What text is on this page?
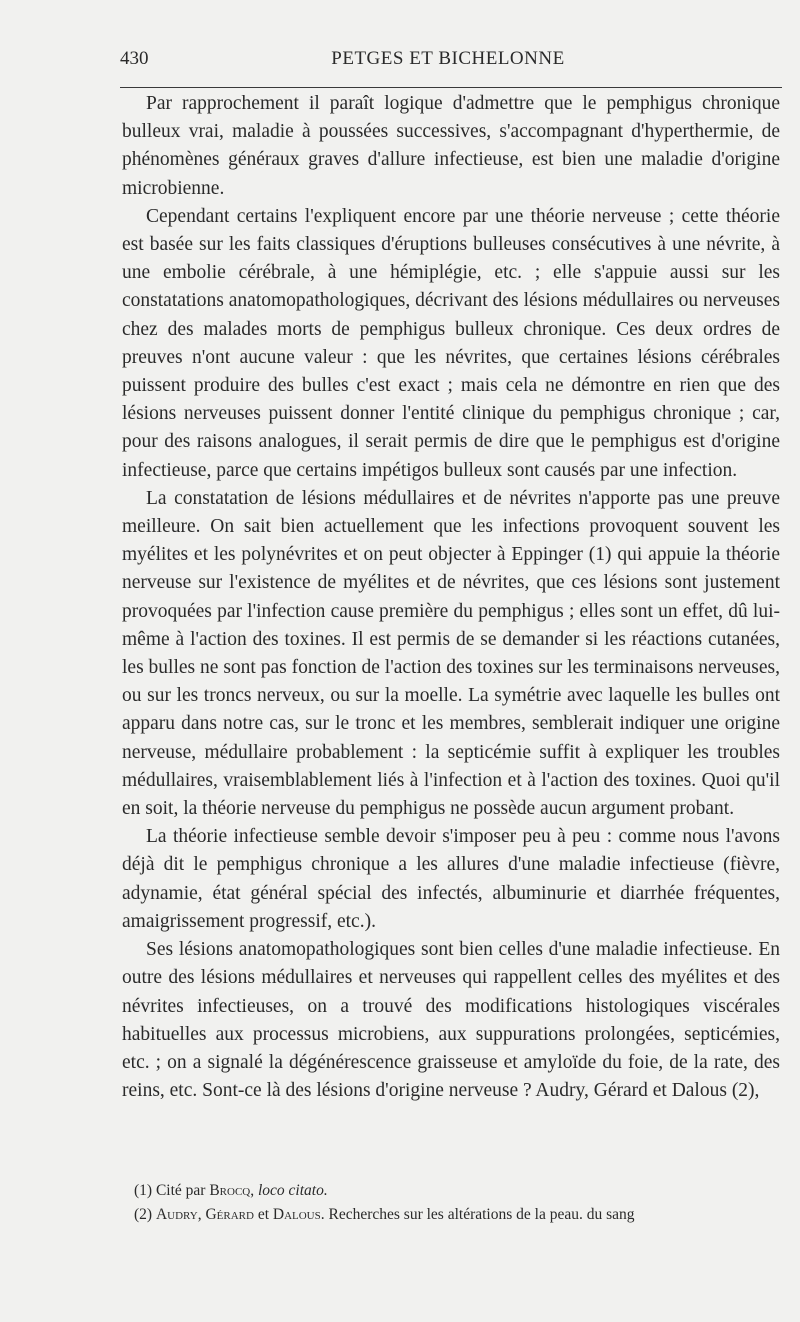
430	PETGES ET BICHELONNE

Par rapprochement il paraît logique d'admettre que le pemphigus chronique bulleux vrai, maladie à poussées successives, s'accompagnant d'hyperthermie, de phénomènes généraux graves d'allure infectieuse, est bien une maladie d'origine microbienne.

Cependant certains l'expliquent encore par une théorie nerveuse ; cette théorie est basée sur les faits classiques d'éruptions bulleuses consécutives à une névrite, à une embolie cérébrale, à une hémiplégie, etc. ; elle s'appuie aussi sur les constatations anatomopathologiques, décrivant des lésions médullaires ou nerveuses chez des malades morts de pemphigus bulleux chronique. Ces deux ordres de preuves n'ont aucune valeur : que les névrites, que certaines lésions cérébrales puissent produire des bulles c'est exact ; mais cela ne démontre en rien que des lésions nerveuses puissent donner l'entité clinique du pemphigus chronique ; car, pour des raisons analogues, il serait permis de dire que le pemphigus est d'origine infectieuse, parce que certains impétigos bulleux sont causés par une infection.

La constatation de lésions médullaires et de névrites n'apporte pas une preuve meilleure. On sait bien actuellement que les infections provoquent souvent les myélites et les polynévrites et on peut objecter à Eppinger (1) qui appuie la théorie nerveuse sur l'existence de myélites et de névrites, que ces lésions sont justement provoquées par l'infection cause première du pemphigus ; elles sont un effet, dû lui-même à l'action des toxines. Il est permis de se demander si les réactions cutanées, les bulles ne sont pas fonction de l'action des toxines sur les terminaisons nerveuses, ou sur les troncs nerveux, ou sur la moelle. La symétrie avec laquelle les bulles ont apparu dans notre cas, sur le tronc et les membres, semblerait indiquer une origine nerveuse, médullaire probablement : la septicémie suffit à expliquer les troubles médullaires, vraisemblablement liés à l'infection et à l'action des toxines. Quoi qu'il en soit, la théorie nerveuse du pemphigus ne possède aucun argument probant.

La théorie infectieuse semble devoir s'imposer peu à peu : comme nous l'avons déjà dit le pemphigus chronique a les allures d'une maladie infectieuse (fièvre, adynamie, état général spécial des infectés, albuminurie et diarrhée fréquentes, amaigrissement progressif, etc.).

Ses lésions anatomopathologiques sont bien celles d'une maladie infectieuse. En outre des lésions médullaires et nerveuses qui rappellent celles des myélites et des névrites infectieuses, on a trouvé des modifications histologiques viscérales habituelles aux processus microbiens, aux suppurations prolongées, septicémies, etc. ; on a signalé la dégénérescence graisseuse et amyloïde du foie, de la rate, des reins, etc. Sont-ce là des lésions d'origine nerveuse ? Audry, Gérard et Dalous (2),

(1) Cité par Brocq, loco citato.
(2) Audry, Gérard et Dalous. Recherches sur les altérations de la peau. du sang
